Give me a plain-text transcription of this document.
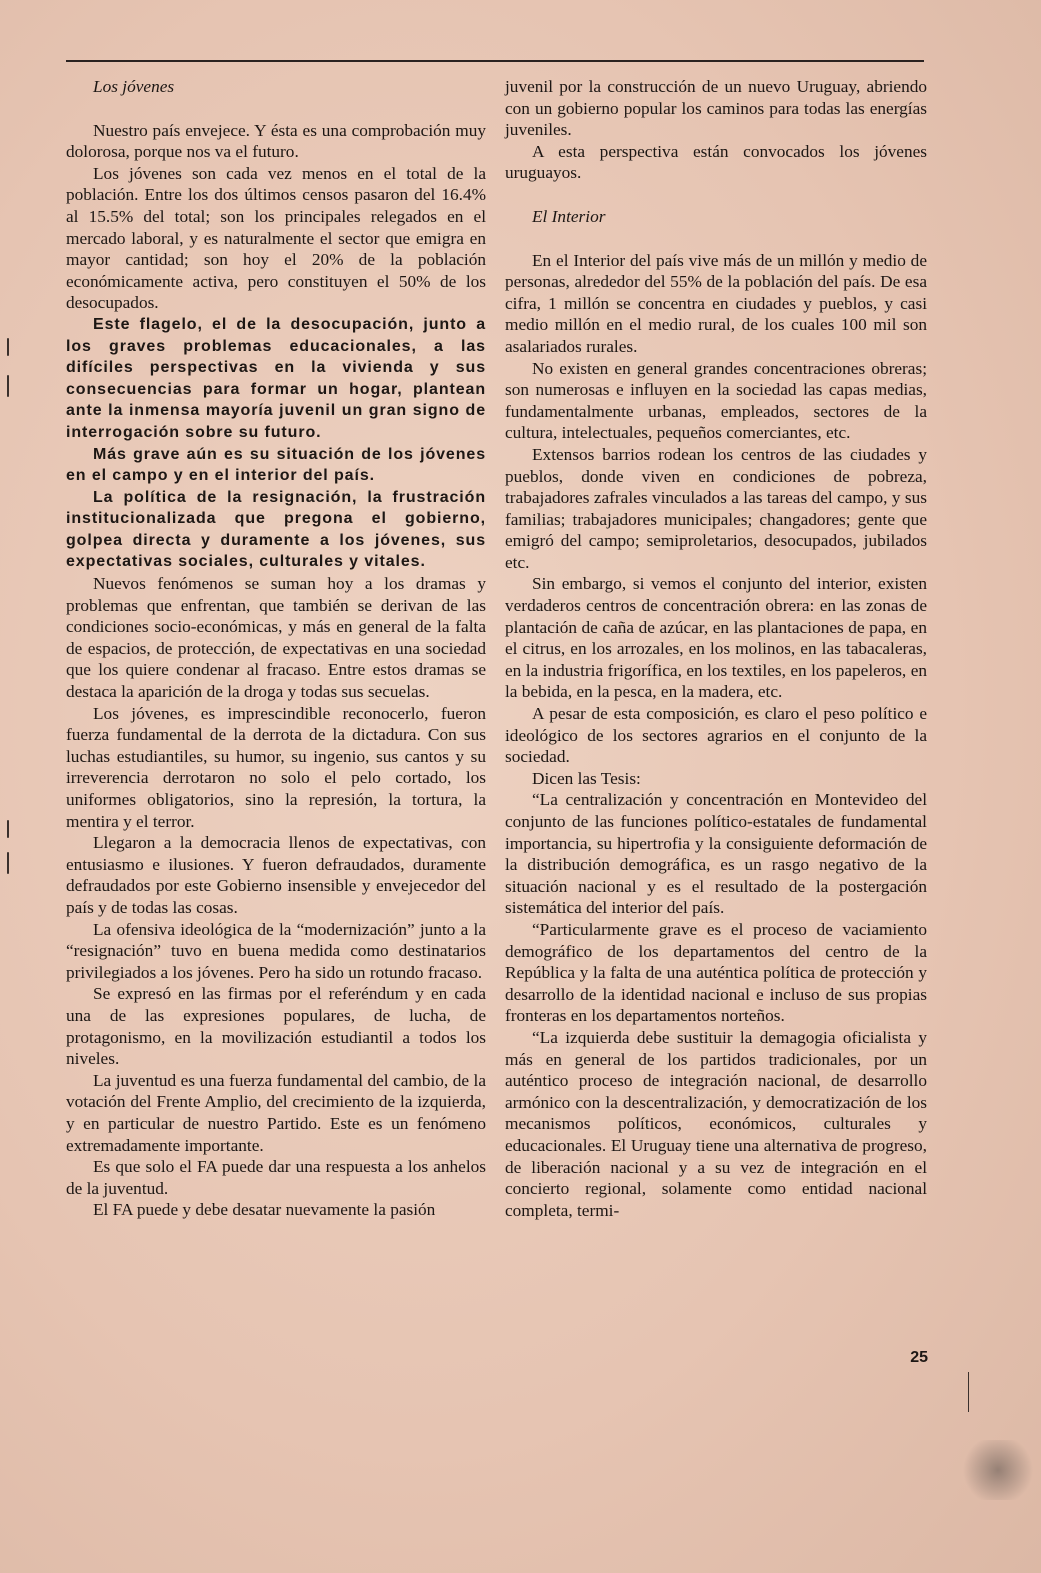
Los jóvenes

Nuestro país envejece. Y ésta es una comprobación muy dolorosa, porque nos va el futuro.

Los jóvenes son cada vez menos en el total de la población. Entre los dos últimos censos pasaron del 16.4% al 15.5% del total; son los principales relegados en el mercado laboral, y es naturalmente el sector que emigra en mayor cantidad; son hoy el 20% de la población económicamente activa, pero constituyen el 50% de los desocupados.

Este flagelo, el de la desocupación, junto a los graves problemas educacionales, a las difíciles perspectivas en la vivienda y sus consecuencias para formar un hogar, plantean ante la inmensa mayoría juvenil un gran signo de interrogación sobre su futuro.

Más grave aún es su situación de los jóvenes en el campo y en el interior del país.

La política de la resignación, la frustración institucionalizada que pregona el gobierno, golpea directa y duramente a los jóvenes, sus expectativas sociales, culturales y vitales.

Nuevos fenómenos se suman hoy a los dramas y problemas que enfrentan, que también se derivan de las condiciones socio-económicas, y más en general de la falta de espacios, de protección, de expectativas en una sociedad que los quiere condenar al fracaso. Entre estos dramas se destaca la aparición de la droga y todas sus secuelas.

Los jóvenes, es imprescindible reconocerlo, fueron fuerza fundamental de la derrota de la dictadura. Con sus luchas estudiantiles, su humor, su ingenio, sus cantos y su irreverencia derrotaron no solo el pelo cortado, los uniformes obligatorios, sino la represión, la tortura, la mentira y el terror.

Llegaron a la democracia llenos de expectativas, con entusiasmo e ilusiones. Y fueron defraudados, duramente defraudados por este Gobierno insensible y envejecedor del país y de todas las cosas.

La ofensiva ideológica de la “modernización” junto a la “resignación” tuvo en buena medida como destinatarios privilegiados a los jóvenes. Pero ha sido un rotundo fracaso.

Se expresó en las firmas por el referéndum y en cada una de las expresiones populares, de lucha, de protagonismo, en la movilización estudiantil a todos los niveles.

La juventud es una fuerza fundamental del cambio, de la votación del Frente Amplio, del crecimiento de la izquierda, y en particular de nuestro Partido. Este es un fenómeno extremadamente importante.

Es que solo el FA puede dar una respuesta a los anhelos de la juventud.

El FA puede y debe desatar nuevamente la pasión

juvenil por la construcción de un nuevo Uruguay, abriendo con un gobierno popular los caminos para todas las energías juveniles.

A esta perspectiva están convocados los jóvenes uruguayos.

El Interior

En el Interior del país vive más de un millón y medio de personas, alrededor del 55% de la población del país. De esa cifra, 1 millón se concentra en ciudades y pueblos, y casi medio millón en el medio rural, de los cuales 100 mil son asalariados rurales.

No existen en general grandes concentraciones obreras; son numerosas e influyen en la sociedad las capas medias, fundamentalmente urbanas, empleados, sectores de la cultura, intelectuales, pequeños comerciantes, etc.

Extensos barrios rodean los centros de las ciudades y pueblos, donde viven en condiciones de pobreza, trabajadores zafrales vinculados a las tareas del campo, y sus familias; trabajadores municipales; changadores; gente que emigró del campo; semiproletarios, desocupados, jubilados etc.

Sin embargo, si vemos el conjunto del interior, existen verdaderos centros de concentración obrera: en las zonas de plantación de caña de azúcar, en las plantaciones de papa, en el citrus, en los arrozales, en los molinos, en las tabacaleras, en la industria frigorífica, en los textiles, en los papeleros, en la bebida, en la pesca, en la madera, etc.

A pesar de esta composición, es claro el peso político e ideológico de los sectores agrarios en el conjunto de la sociedad.

Dicen las Tesis:

“La centralización y concentración en Montevideo del conjunto de las funciones político-estatales de fundamental importancia, su hipertrofia y la consiguiente deformación de la distribución demográfica, es un rasgo negativo de la situación nacional y es el resultado de la postergación sistemática del interior del país.

“Particularmente grave es el proceso de vaciamiento demográfico de los departamentos del centro de la República y la falta de una auténtica política de protección y desarrollo de la identidad nacional e incluso de sus propias fronteras en los departamentos norteños.

“La izquierda debe sustituir la demagogia oficialista y más en general de los partidos tradicionales, por un auténtico proceso de integración nacional, de desarrollo armónico con la descentralización, y democratización de los mecanismos políticos, económicos, culturales y educacionales. El Uruguay tiene una alternativa de progreso, de liberación nacional y a su vez de integración en el concierto regional, solamente como entidad nacional completa, termi-

25
